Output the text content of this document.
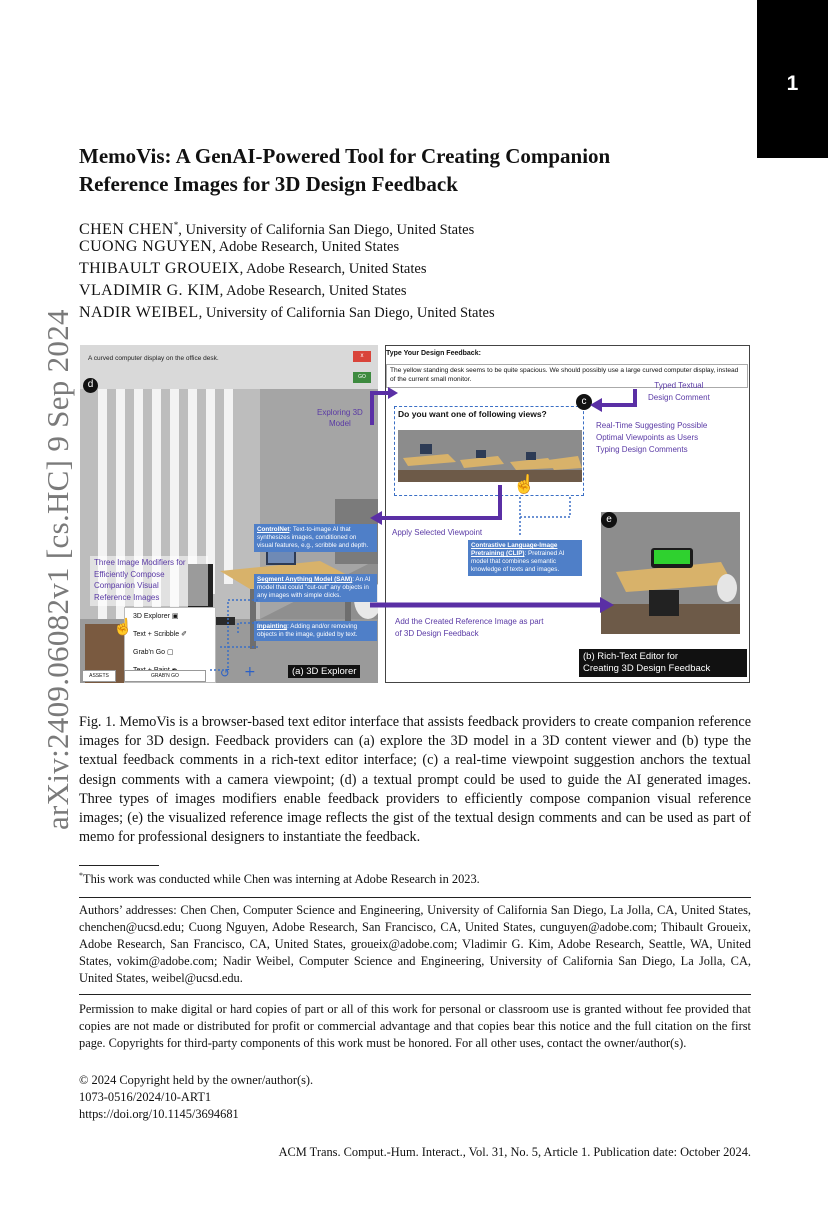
1
arXiv:2409.06082v1 [cs.HC] 9 Sep 2024
MemoVis: A GenAI-Powered Tool for Creating Companion
Reference Images for 3D Design Feedback
CHEN CHEN*, University of California San Diego, United States
CUONG NGUYEN, Adobe Research, United States
THIBAULT GROUEIX, Adobe Research, United States
VLADIMIR G. KIM, Adobe Research, United States
NADIR WEIBEL, University of California San Diego, United States
A curved computer display on the office desk.	x
GO
d
ControlNet: Text-to-image AI that synthesizes images, conditioned on visual features, e.g., scribble and depth.
Segment Anything Model (SAM): An AI model that could "cut-out" any objects in any images with simple clicks.
Inpainting: Adding and/or removing objects in the image, guided by text.
Three Image Modifiers for
Efficiently Compose
Companion Visual
Reference Images
3D Explorer ▣
Text + Scribble ✐
Grab'n Go ▢
☝
ASSETS	GRAB'N GO	↺ +	(a) 3D Explorer
Exploring 3D
Model
Type Your Design Feedback:
The yellow standing desk seems to be quite spacious. We should possibly use a large curved computer display, instead of the current small monitor.
Typed Textual
Design Comment
Do you want one of following views?
☝
c
Real-Time Suggesting Possible
Optimal Viewpoints as Users
Typing Design Comments
Apply Selected Viewpoint
Contrastive Language-Image Pretraining (CLIP): Pretrained AI model that combines semantic knowledge of texts and images.
Add the Created Reference Image as part
of 3D Design Feedback
e
(b) Rich-Text Editor for
Creating 3D Design Feedback
Fig. 1. MemoVis is a browser-based text editor interface that assists feedback providers to create companion reference images for 3D design. Feedback providers can (a) explore the 3D model in a 3D content viewer and (b) type the textual feedback comments in a rich-text editor interface; (c) a real-time viewpoint suggestion anchors the textual design comments with a camera viewpoint; (d) a textual prompt could be used to guide the AI generated images. Three types of images modifiers enable feedback providers to efficiently compose companion visual reference images; (e) the visualized reference image reflects the gist of the textual design comments and can be used as part of memo for professional designers to instantiate the feedback.
*This work was conducted while Chen was interning at Adobe Research in 2023.
Authors’ addresses: Chen Chen, Computer Science and Engineering, University of California San Diego, La Jolla, CA, United States, chenchen@ucsd.edu; Cuong Nguyen, Adobe Research, San Francisco, CA, United States, cunguyen@adobe.com; Thibault Groueix, Adobe Research, San Francisco, CA, United States, groueix@adobe.com; Vladimir G. Kim, Adobe Research, Seattle, WA, United States, vokim@adobe.com; Nadir Weibel, Computer Science and Engineering, University of California San Diego, La Jolla, CA, United States, weibel@ucsd.edu.
Permission to make digital or hard copies of part or all of this work for personal or classroom use is granted without fee provided that copies are not made or distributed for profit or commercial advantage and that copies bear this notice and the full citation on the first page. Copyrights for third-party components of this work must be honored. For all other uses, contact the owner/author(s).
© 2024 Copyright held by the owner/author(s).
1073-0516/2024/10-ART1
https://doi.org/10.1145/3694681
ACM Trans. Comput.-Hum. Interact., Vol. 31, No. 5, Article 1. Publication date: October 2024.
